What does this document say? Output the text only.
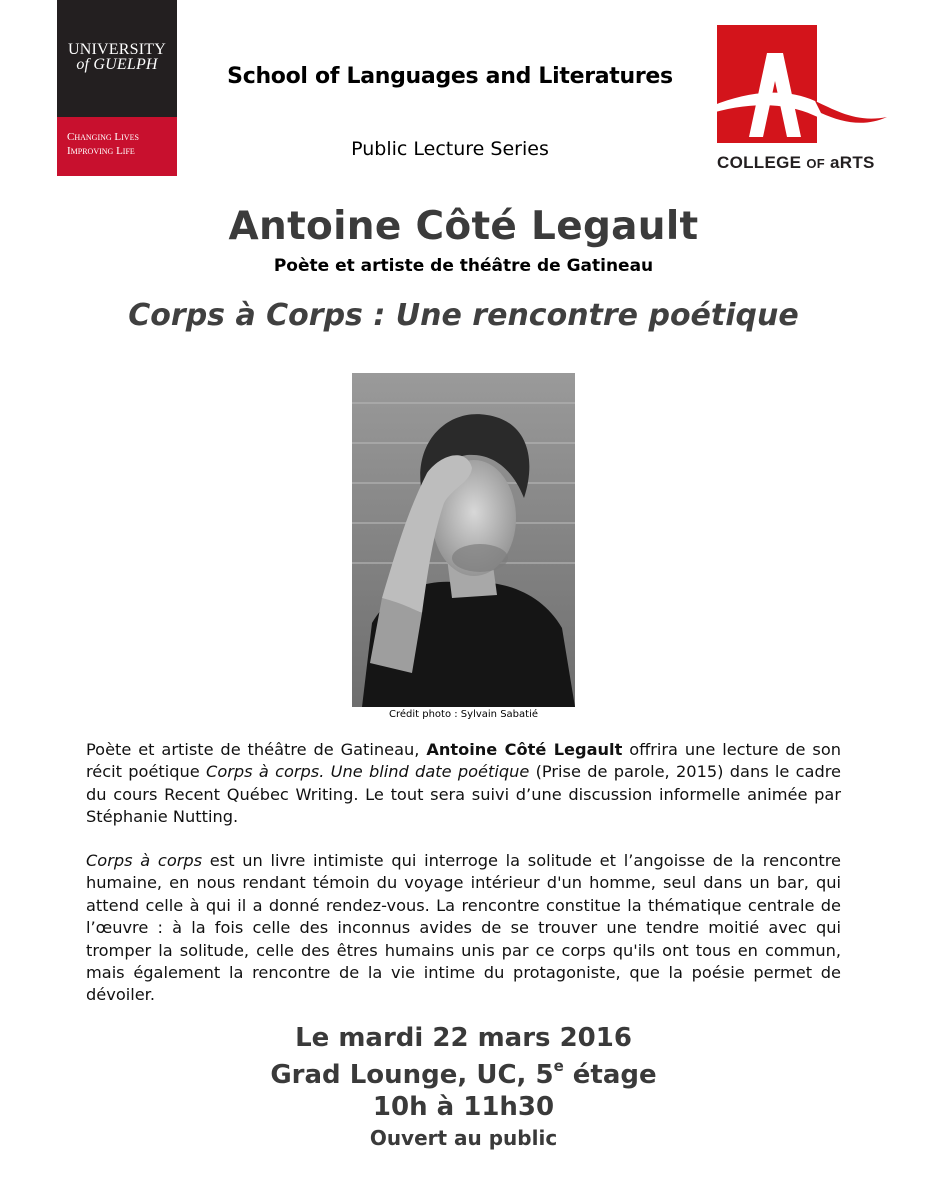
UNIVERSITY
of GUELPH
Changing Lives
Improving Life
School of Languages and Literatures
Public Lecture Series
COLLEGE OF aRTS
Antoine Côté Legault
Poète et artiste de théâtre de Gatineau
Corps à Corps : Une rencontre poétique
Crédit photo : Sylvain Sabatié

Poète et artiste de théâtre de Gatineau, Antoine Côté Legault offrira une lecture de son récit poétique Corps à corps. Une blind date poétique (Prise de parole, 2015) dans le cadre du cours Recent Québec Writing. Le tout sera suivi d’une discussion informelle animée par Stéphanie Nutting.

Corps à corps est un livre intimiste qui interroge la solitude et l’angoisse de la rencontre humaine, en nous rendant témoin du voyage intérieur d'un homme, seul dans un bar, qui attend celle à qui il a donné rendez-vous. La rencontre constitue la thématique centrale de l’œuvre : à la fois celle des inconnus avides de se trouver une tendre moitié avec qui tromper la solitude, celle des êtres humains unis par ce corps qu'ils ont tous en commun, mais également la rencontre de la vie intime du protagoniste, que la poésie permet de dévoiler.

Le mardi 22 mars 2016
Grad Lounge, UC, 5e étage
10h à 11h30
Ouvert au public
